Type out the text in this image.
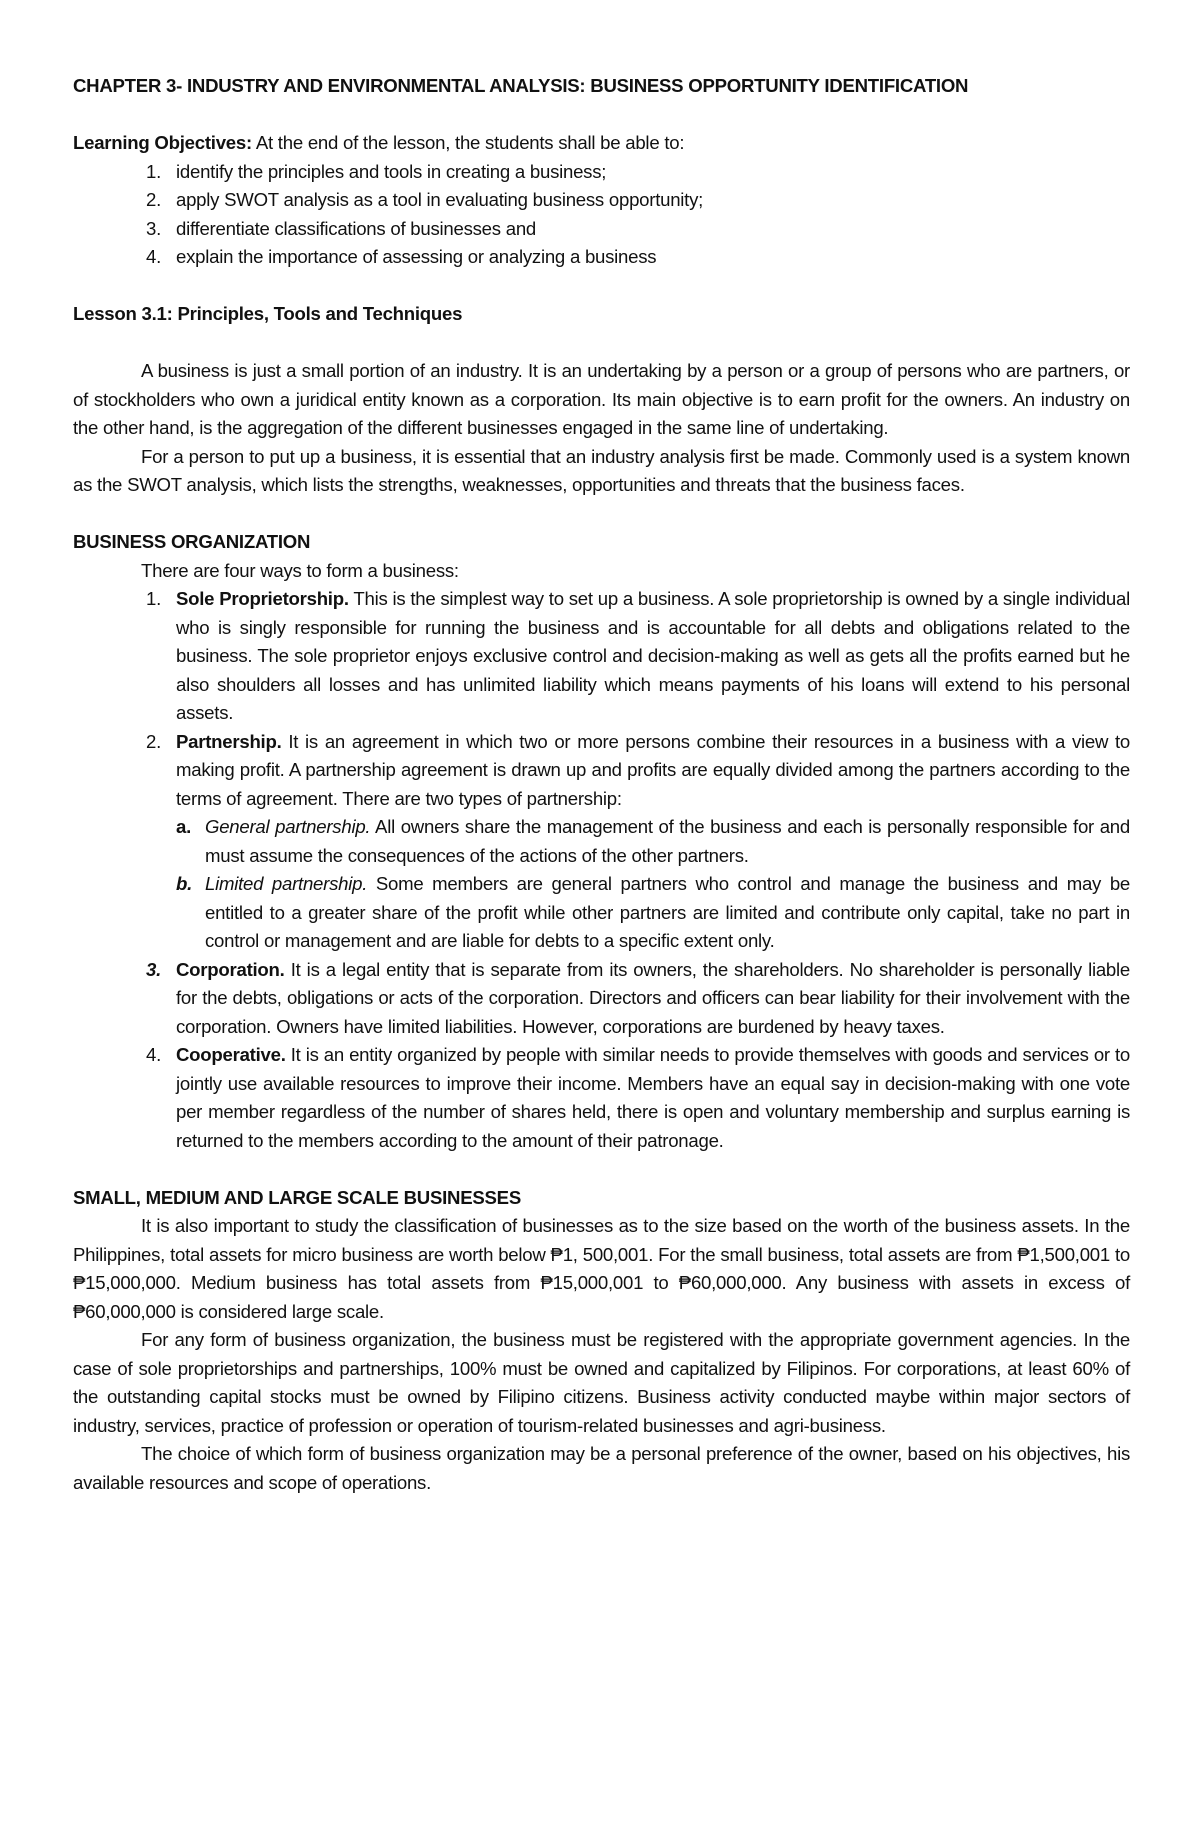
CHAPTER 3- INDUSTRY AND ENVIRONMENTAL ANALYSIS: BUSINESS OPPORTUNITY IDENTIFICATION

Learning Objectives: At the end of the lesson, the students shall be able to:

1. identify the principles and tools in creating a business;
2. apply SWOT analysis as a tool in evaluating business opportunity;
3. differentiate classifications of businesses and
4. explain the importance of assessing or analyzing a business

Lesson 3.1: Principles, Tools and Techniques

A business is just a small portion of an industry. It is an undertaking by a person or a group of persons who are partners, or of stockholders who own a juridical entity known as a corporation. Its main objective is to earn profit for the owners. An industry on the other hand, is the aggregation of the different businesses engaged in the same line of undertaking.

For a person to put up a business, it is essential that an industry analysis first be made. Commonly used is a system known as the SWOT analysis, which lists the strengths, weaknesses, opportunities and threats that the business faces.

BUSINESS ORGANIZATION

There are four ways to form a business:

1. Sole Proprietorship. This is the simplest way to set up a business. A sole proprietorship is owned by a single individual who is singly responsible for running the business and is accountable for all debts and obligations related to the business. The sole proprietor enjoys exclusive control and decision-making as well as gets all the profits earned but he also shoulders all losses and has unlimited liability which means payments of his loans will extend to his personal assets.
2. Partnership. It is an agreement in which two or more persons combine their resources in a business with a view to making profit. A partnership agreement is drawn up and profits are equally divided among the partners according to the terms of agreement. There are two types of partnership:
a. General partnership. All owners share the management of the business and each is personally responsible for and must assume the consequences of the actions of the other partners.
b. Limited partnership. Some members are general partners who control and manage the business and may be entitled to a greater share of the profit while other partners are limited and contribute only capital, take no part in control or management and are liable for debts to a specific extent only.
3. Corporation. It is a legal entity that is separate from its owners, the shareholders. No shareholder is personally liable for the debts, obligations or acts of the corporation. Directors and officers can bear liability for their involvement with the corporation. Owners have limited liabilities. However, corporations are burdened by heavy taxes.
4. Cooperative. It is an entity organized by people with similar needs to provide themselves with goods and services or to jointly use available resources to improve their income. Members have an equal say in decision-making with one vote per member regardless of the number of shares held, there is open and voluntary membership and surplus earning is returned to the members according to the amount of their patronage.

SMALL, MEDIUM AND LARGE SCALE BUSINESSES

It is also important to study the classification of businesses as to the size based on the worth of the business assets. In the Philippines, total assets for micro business are worth below ₱1, 500,001. For the small business, total assets are from ₱1,500,001 to ₱15,000,000. Medium business has total assets from ₱15,000,001 to ₱60,000,000. Any business with assets in excess of ₱60,000,000 is considered large scale.

For any form of business organization, the business must be registered with the appropriate government agencies. In the case of sole proprietorships and partnerships, 100% must be owned and capitalized by Filipinos. For corporations, at least 60% of the outstanding capital stocks must be owned by Filipino citizens. Business activity conducted maybe within major sectors of industry, services, practice of profession or operation of tourism-related businesses and agri-business.

The choice of which form of business organization may be a personal preference of the owner, based on his objectives, his available resources and scope of operations.
